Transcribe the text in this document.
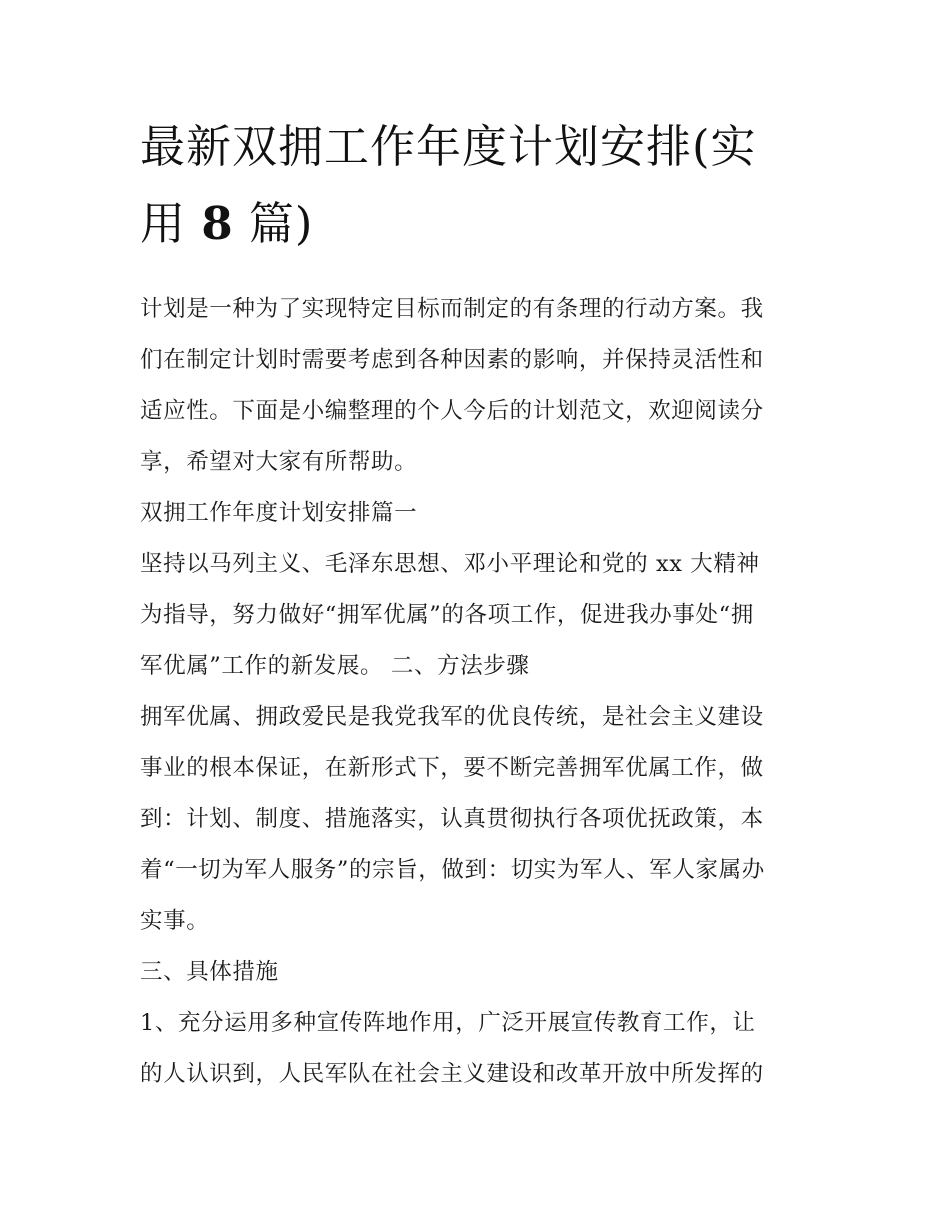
最新双拥工作年度计划安排(实
用 8 篇)

计划是一种为了实现特定目标而制定的有条理的行动方案。我
们在制定计划时需要考虑到各种因素的影响，并保持灵活性和
适应性。下面是小编整理的个人今后的计划范文，欢迎阅读分
享，希望对大家有所帮助。

双拥工作年度计划安排篇一

坚持以马列主义、毛泽东思想、邓小平理论和党的 xx 大精神
为指导，努力做好“拥军优属”的各项工作，促进我办事处“拥
军优属”工作的新发展。 二、方法步骤

拥军优属、拥政爱民是我党我军的优良传统，是社会主义建设
事业的根本保证，在新形式下，要不断完善拥军优属工作，做
到：计划、制度、措施落实，认真贯彻执行各项优抚政策，本
着“一切为军人服务”的宗旨，做到：切实为军人、军人家属办
实事。

三、具体措施

1、充分运用多种宣传阵地作用，广泛开展宣传教育工作，让
的人认识到，人民军队在社会主义建设和改革开放中所发挥的
